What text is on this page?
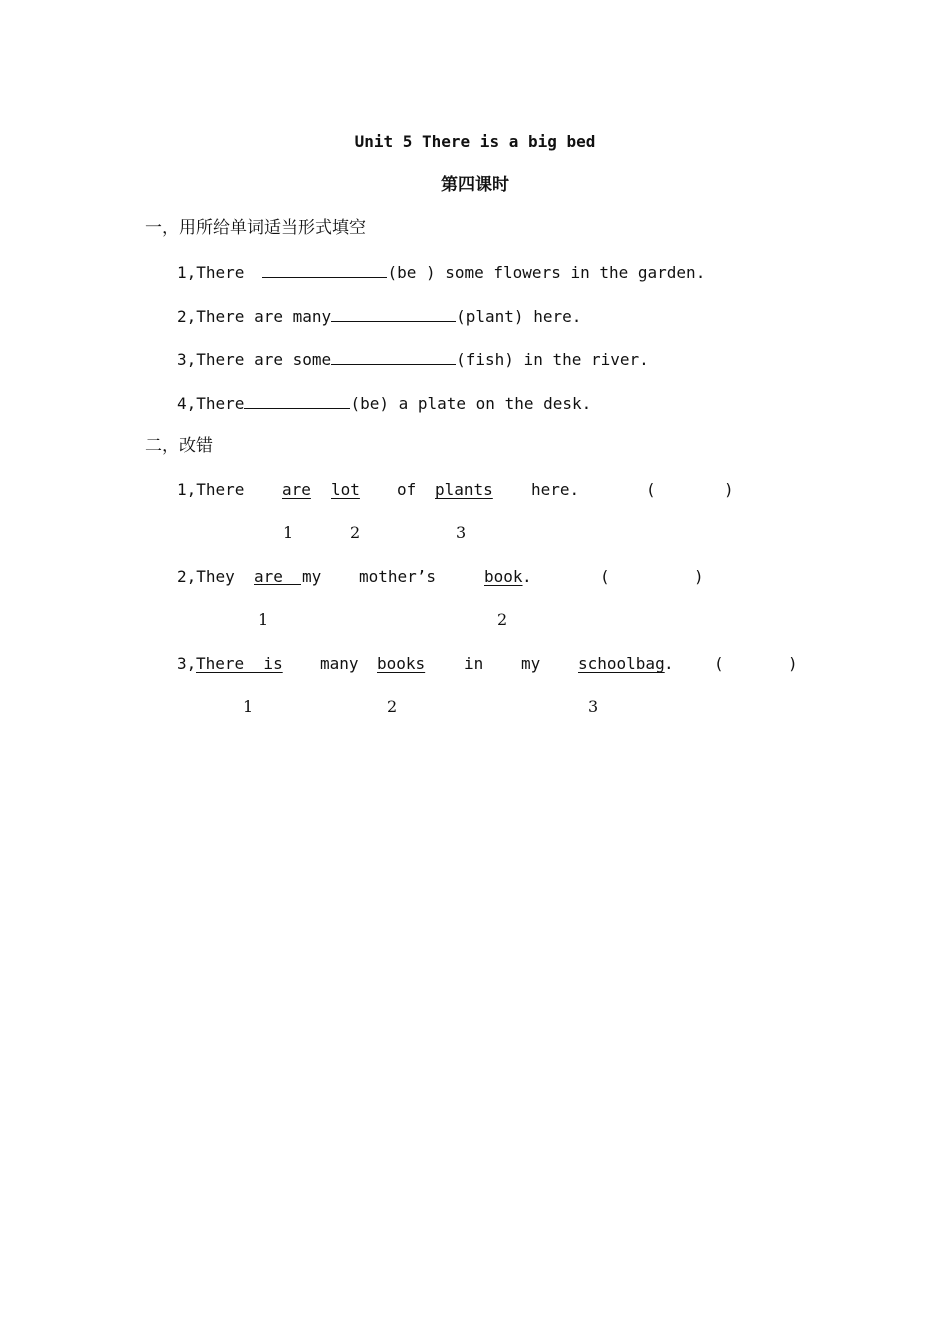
Unit 5 There is a big bed
第四课时
一，用所给单词适当形式填空
1,There	(be ) some flowers in the garden.
2,There are many	(plant) here.
3,There are some	(fish) in the river.
4,There	(be) a plate on the desk.
二，改错
1,There are lot of plants here.	(	)
1	2	3
2,They are	my mother’s	book .	(	)
1	2
3, There  is many books in my schoolbag .	(	)
1	2	3
